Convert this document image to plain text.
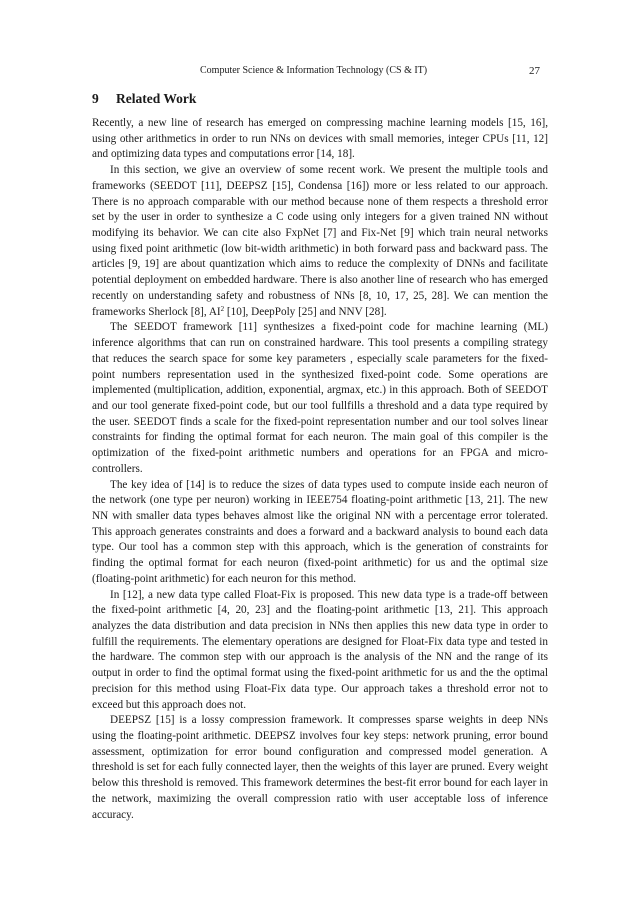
Computer Science & Information Technology (CS & IT)	27
9 Related Work

Recently, a new line of research has emerged on compressing machine learning models [15, 16], using other arithmetics in order to run NNs on devices with small memories, integer CPUs [11, 12] and optimizing data types and computations error [14, 18].

In this section, we give an overview of some recent work. We present the multiple tools and frameworks (SEEDOT [11], DEEPSZ [15], Condensa [16]) more or less related to our approach. There is no approach comparable with our method because none of them respects a threshold error set by the user in order to synthesize a C code using only integers for a given trained NN without modifying its behavior. We can cite also FxpNet [7] and Fix-Net [9] which train neural networks using fixed point arithmetic (low bit-width arithmetic) in both forward pass and backward pass. The articles [9, 19] are about quantization which aims to reduce the complexity of DNNs and facilitate potential deployment on embedded hardware. There is also another line of research who has emerged recently on understanding safety and robustness of NNs [8, 10, 17, 25, 28]. We can mention the frameworks Sherlock [8], $AI^2$ [10], DeepPoly [25] and NNV [28].

The SEEDOT framework [11] synthesizes a fixed-point code for machine learning (ML) inference algorithms that can run on constrained hardware. This tool presents a compiling strategy that reduces the search space for some key parameters , especially scale parameters for the fixed-point numbers representation used in the synthesized fixed-point code. Some operations are implemented (multiplication, addition, exponential, argmax, etc.) in this approach. Both of SEEDOT and our tool generate fixed-point code, but our tool fullfills a threshold and a data type required by the user. SEEDOT finds a scale for the fixed-point representation number and our tool solves linear constraints for finding the optimal format for each neuron. The main goal of this compiler is the optimization of the fixed-point arithmetic numbers and operations for an FPGA and micro-controllers.

The key idea of [14] is to reduce the sizes of data types used to compute inside each neuron of the network (one type per neuron) working in IEEE754 floating-point arithmetic [13, 21]. The new NN with smaller data types behaves almost like the original NN with a percentage error tolerated. This approach generates constraints and does a forward and a backward analysis to bound each data type. Our tool has a common step with this approach, which is the generation of constraints for finding the optimal format for each neuron (fixed-point arithmetic) for us and the optimal size (floating-point arithmetic) for each neuron for this method.

In [12], a new data type called Float-Fix is proposed. This new data type is a trade-off between the fixed-point arithmetic [4, 20, 23] and the floating-point arithmetic [13, 21]. This approach analyzes the data distribution and data precision in NNs then applies this new data type in order to fulfill the requirements. The elementary operations are designed for Float-Fix data type and tested in the hardware. The common step with our approach is the analysis of the NN and the range of its output in order to find the optimal format using the fixed-point arithmetic for us and the the optimal precision for this method using Float-Fix data type. Our approach takes a threshold error not to exceed but this approach does not.

DEEPSZ [15] is a lossy compression framework. It compresses sparse weights in deep NNs using the floating-point arithmetic. DEEPSZ involves four key steps: network pruning, error bound assessment, optimization for error bound configuration and compressed model generation. A threshold is set for each fully connected layer, then the weights of this layer are pruned. Every weight below this threshold is removed. This framework determines the best-fit error bound for each layer in the network, maximizing the overall compression ratio with user acceptable loss of inference accuracy.
